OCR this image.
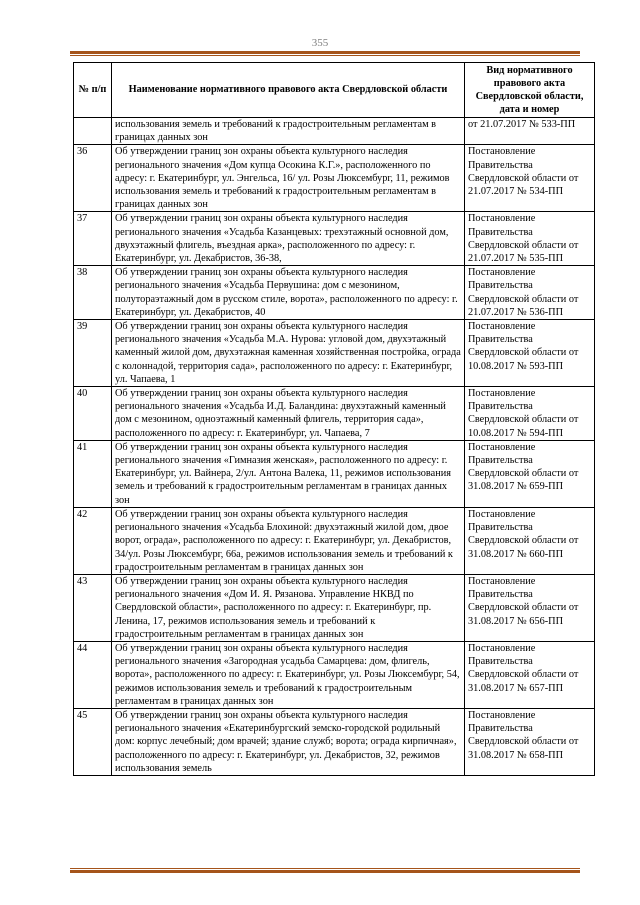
355
№ п/п	Наименование нормативного правового акта Свердловской области	Вид нормативного правового акта Свердловской области, дата и номер
	использования земель и требований к градостроительным регламентам в границах данных зон	от 21.07.2017 № 533-ПП
36	Об утверждении границ зон охраны объекта культурного наследия регионального значения «Дом купца Осокина К.Г.», расположенного по адресу: г. Екатеринбург, ул. Энгельса, 16/ ул. Розы Люксембург, 11, режимов использования земель и требований к градостроительным регламентам в границах данных зон	Постановление Правительства Свердловской области от 21.07.2017 № 534-ПП
37	Об утверждении границ зон охраны объекта культурного наследия регионального значения «Усадьба Казанцевых: трехэтажный основной дом, двухэтажный флигель, въездная арка», расположенного по адресу: г. Екатеринбург, ул. Декабристов, 36-38,	Постановление Правительства Свердловской области от 21.07.2017 № 535-ПП
38	Об утверждении границ зон охраны объекта культурного наследия регионального значения «Усадьба Первушина: дом с мезонином, полутораэтажный дом в русском стиле, ворота», расположенного по адресу: г. Екатеринбург, ул. Декабристов, 40	Постановление Правительства Свердловской области от 21.07.2017 № 536-ПП
39	Об утверждении границ зон охраны объекта культурного наследия регионального значения «Усадьба М.А. Нурова: угловой дом, двухэтажный каменный жилой дом, двухэтажная каменная хозяйственная постройка, ограда с колоннадой, территория сада», расположенного по адресу: г. Екатеринбург, ул. Чапаева, 1	Постановление Правительства Свердловской области от 10.08.2017 № 593-ПП
40	Об утверждении границ зон охраны объекта культурного наследия регионального значения «Усадьба И.Д. Баландина: двухэтажный каменный дом с мезонином, одноэтажный каменный флигель, территория сада», расположенного по адресу: г. Екатеринбург, ул. Чапаева, 7	Постановление Правительства Свердловской области от 10.08.2017 № 594-ПП
41	Об утверждении границ зон охраны объекта культурного наследия регионального значения «Гимназия женская», расположенного по адресу: г. Екатеринбург, ул. Вайнера, 2/ул. Антона Валека, 11, режимов использования земель и требований к градостроительным регламентам в границах данных зон	Постановление Правительства Свердловской области от 31.08.2017 № 659-ПП
42	Об утверждении границ зон охраны объекта культурного наследия регионального значения «Усадьба Блохиной: двухэтажный жилой дом, двое ворот, ограда», расположенного по адресу: г. Екатеринбург, ул. Декабристов, 34/ул. Розы Люксембург, 66а, режимов использования земель и требований к градостроительным регламентам в границах данных зон	Постановление Правительства Свердловской области от 31.08.2017 № 660-ПП
43	Об утверждении границ зон охраны объекта культурного наследия регионального значения «Дом И. Я. Рязанова. Управление НКВД по Свердловской области», расположенного по адресу: г. Екатеринбург, пр. Ленина, 17, режимов использования земель и требований к градостроительным регламентам в границах данных зон	Постановление Правительства Свердловской области от 31.08.2017 № 656-ПП
44	Об утверждении границ зон охраны объекта культурного наследия регионального значения «Загородная усадьба Самарцева: дом, флигель, ворота», расположенного по адресу: г. Екатеринбург, ул. Розы Люксембург, 54, режимов использования земель и требований к градостроительным регламентам в границах данных зон	Постановление Правительства Свердловской области от 31.08.2017 № 657-ПП
45	Об утверждении границ зон охраны объекта культурного наследия регионального значения «Екатеринбургский земско-городской родильный дом: корпус лечебный; дом врачей; здание служб; ворота; ограда кирпичная», расположенного по адресу: г. Екатеринбург, ул. Декабристов, 32, режимов использования земель	Постановление Правительства Свердловской области от 31.08.2017 № 658-ПП
